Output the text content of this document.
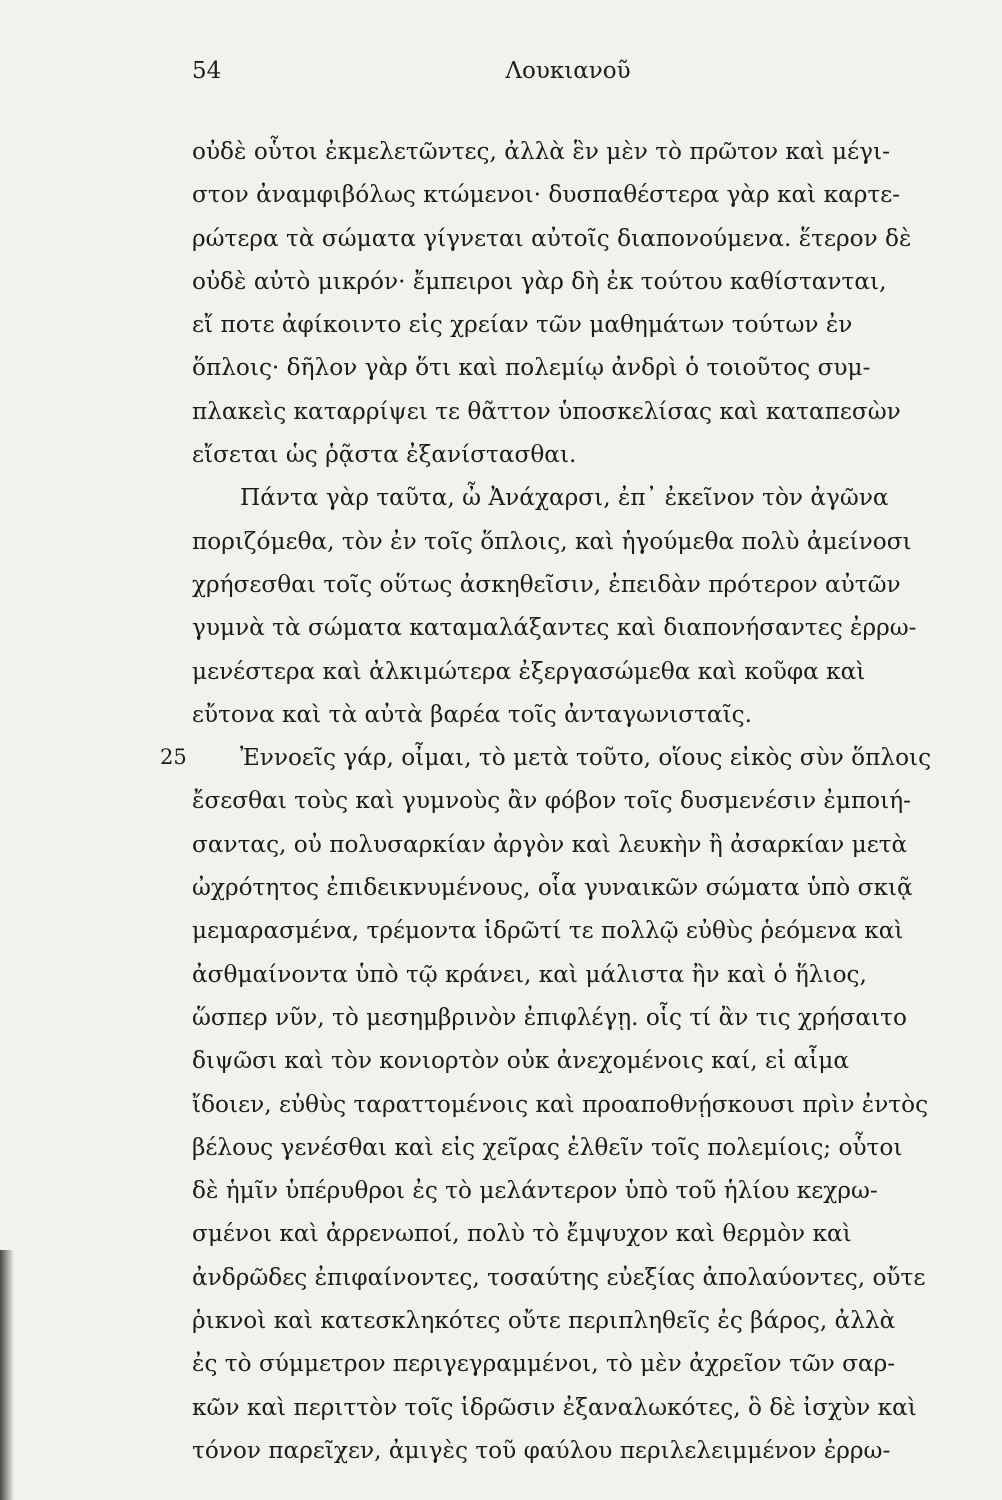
54	Λουκιανοῦ
οὐδὲ οὗτοι ἐκμελετῶντες, ἀλλὰ ἓν μὲν τὸ πρῶτον καὶ μέγι-
στον ἀναμφιβόλως κτώμενοι· δυσπαθέστερα γὰρ καὶ καρτε-
ρώτερα τὰ σώματα γίγνεται αὐτοῖς διαπονούμενα. ἕτερον δὲ
οὐδὲ αὐτὸ μικρόν· ἔμπειροι γὰρ δὴ ἐκ τούτου καθίστανται,
εἴ ποτε ἀφίκοιντο εἰς χρείαν τῶν μαθημάτων τούτων ἐν
ὅπλοις· δῆλον γὰρ ὅτι καὶ πολεμίῳ ἀνδρὶ ὁ τοιοῦτος συμ-
πλακεὶς καταρρίψει τε θᾶττον ὑποσκελίσας καὶ καταπεσὼν
εἴσεται ὡς ῥᾷστα ἐξανίστασθαι.
Πάντα γὰρ ταῦτα, ὦ Ἀνάχαρσι, ἐπ᾿ ἐκεῖνον τὸν ἀγῶνα
ποριζόμεθα, τὸν ἐν τοῖς ὅπλοις, καὶ ἡγούμεθα πολὺ ἀμείνοσι
χρήσεσθαι τοῖς οὕτως ἀσκηθεῖσιν, ἐπειδὰν πρότερον αὐτῶν
γυμνὰ τὰ σώματα καταμαλάξαντες καὶ διαπονήσαντες ἐρρω-
μενέστερα καὶ ἀλκιμώτερα ἐξεργασώμεθα καὶ κοῦφα καὶ
εὔτονα καὶ τὰ αὐτὰ βαρέα τοῖς ἀνταγωνισταῖς.
25 Ἐννοεῖς γάρ, οἶμαι, τὸ μετὰ τοῦτο, οἵους εἰκὸς σὺν ὅπλοις
ἔσεσθαι τοὺς καὶ γυμνοὺς ἂν φόβον τοῖς δυσμενέσιν ἐμποιή-
σαντας, οὐ πολυσαρκίαν ἀργὸν καὶ λευκὴν ἢ ἀσαρκίαν μετὰ
ὠχρότητος ἐπιδεικνυμένους, οἷα γυναικῶν σώματα ὑπὸ σκιᾷ
μεμαρασμένα, τρέμοντα ἱδρῶτί τε πολλῷ εὐθὺς ῥεόμενα καὶ
ἀσθμαίνοντα ὑπὸ τῷ κράνει, καὶ μάλιστα ἢν καὶ ὁ ἥλιος,
ὥσπερ νῦν, τὸ μεσημβρινὸν ἐπιφλέγῃ. οἷς τί ἂν τις χρήσαιτο
διψῶσι καὶ τὸν κονιορτὸν οὐκ ἀνεχομένοις καί, εἰ αἷμα
ἴδοιεν, εὐθὺς ταραττομένοις καὶ προαποθνῄσκουσι πρὶν ἐντὸς
βέλους γενέσθαι καὶ εἰς χεῖρας ἐλθεῖν τοῖς πολεμίοις; οὗτοι
δὲ ἡμῖν ὑπέρυθροι ἐς τὸ μελάντερον ὑπὸ τοῦ ἡλίου κεχρω-
σμένοι καὶ ἀρρενωποί, πολὺ τὸ ἔμψυχον καὶ θερμὸν καὶ
ἀνδρῶδες ἐπιφαίνοντες, τοσαύτης εὐεξίας ἀπολαύοντες, οὔτε
ῥικνοὶ καὶ κατεσκληκότες οὔτε περιπληθεῖς ἐς βάρος, ἀλλὰ
ἐς τὸ σύμμετρον περιγεγραμμένοι, τὸ μὲν ἀχρεῖον τῶν σαρ-
κῶν καὶ περιττὸν τοῖς ἱδρῶσιν ἐξαναλωκότες, ὃ δὲ ἰσχὺν καὶ
τόνον παρεῖχεν, ἀμιγὲς τοῦ φαύλου περιλελειμμένον ἐρρω-
